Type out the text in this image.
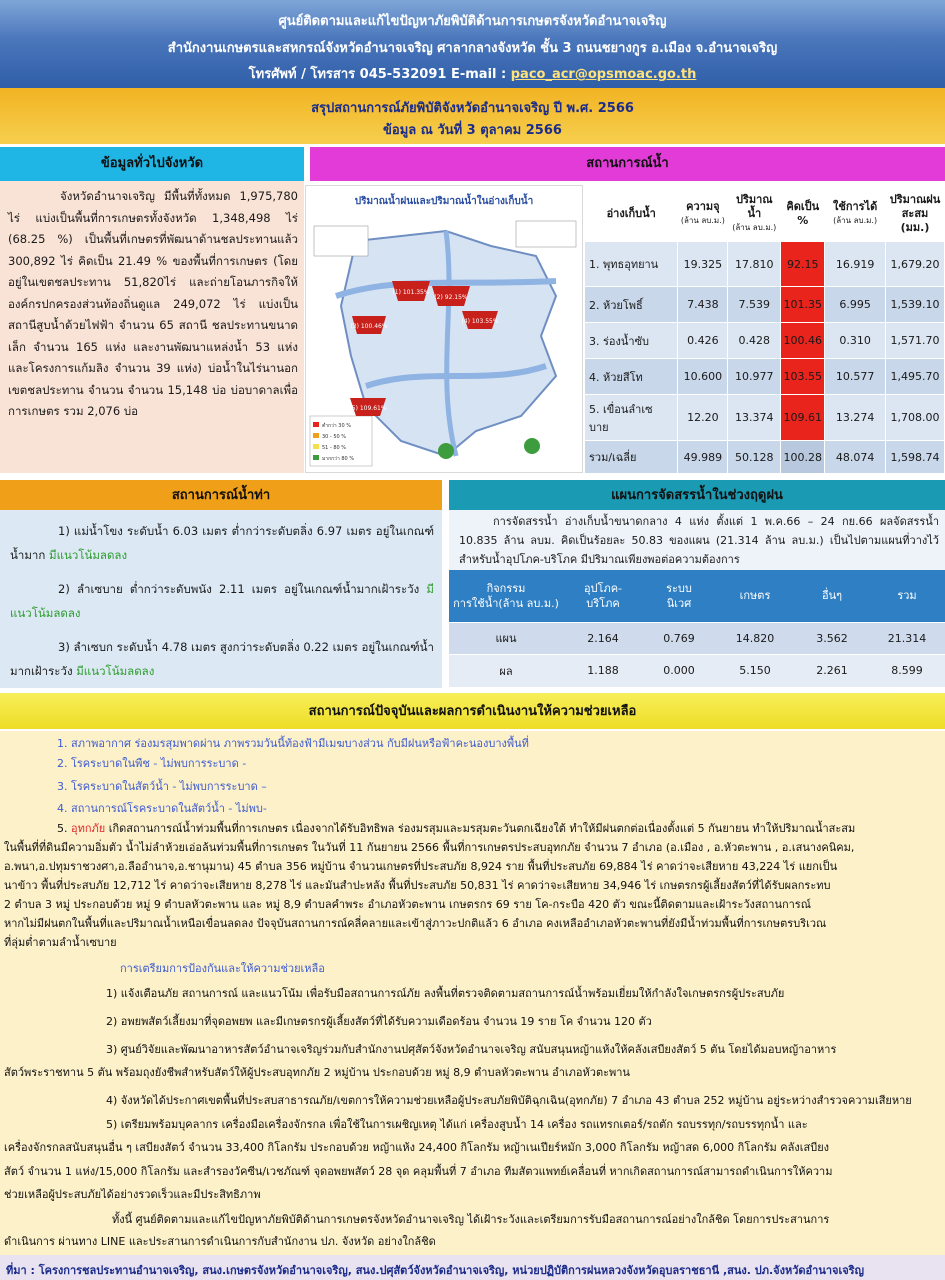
ศูนย์ติดตามและแก้ไขปัญหาภัยพิบัติด้านการเกษตรจังหวัดอำนาจเจริญ
สำนักงานเกษตรและสหกรณ์จังหวัดอำนาจเจริญ ศาลากลางจังหวัด ชั้น 3 ถนนชยางกูร อ.เมือง จ.อำนาจเจริญ
โทรศัพท์ / โทรสาร 045-532091 E-mail : paco_acr@opsmoac.go.th
สรุปสถานการณ์ภัยพิบัติจังหวัดอำนาจเจริญ ปี พ.ศ. 2566
ข้อมูล ณ วันที่ 3 ตุลาคม 2566
ข้อมูลทั่วไปจังหวัด	สถานการณ์น้ำ
จังหวัดอำนาจเจริญ มีพื้นที่ทั้งหมด 1,975,780 ไร่ แบ่งเป็นพื้นที่การเกษตรทั้งจังหวัด 1,348,498 ไร่ (68.25 %) เป็นพื้นที่เกษตรที่พัฒนาด้านชลประทานแล้ว 300,892 ไร่ คิดเป็น 21.49 % ของพื้นที่การเกษตร (โดยอยู่ในเขตชลประทาน 51,820ไร่ และถ่ายโอนภารกิจให้องค์กรปกครองส่วนท้องถิ่นดูแล 249,072 ไร่ แบ่งเป็นสถานีสูบน้ำด้วยไฟฟ้า จำนวน 65 สถานี ชลประทานขนาดเล็ก จำนวน 165 แห่ง และงานพัฒนาแหล่งน้ำ 53 แห่ง และโครงการแก้มลิง จำนวน 39 แห่ง) บ่อน้ำในไร่นานอกเขตชลประทาน จำนวน จำนวน 15,148 บ่อ บ่อบาดาลเพื่อการเกษตร รวม 2,076 บ่อ
ปริมาณน้ำฝนและปริมาณน้ำในอ่างเก็บน้ำ
ต่ำกว่า 30 %
30 - 50 %
51 - 80 %
มากกว่า 80 %
(1) 101.35%
(2) 92.15%
(3) 100.46%
(4) 103.55%
(5) 109.61%
อ่างเก็บน้ำ	ความจุ
(ล้าน ลบ.ม.)	ปริมาณน้ำ
(ล้าน ลบ.ม.)	คิดเป็น
%	ใช้การได้
(ล้าน ลบ.ม.)	ปริมาณฝน
สะสม
(มม.)
1. พุทธอุทยาน	19.325	17.810	92.15	16.919	1,679.20
2. ห้วยโพธิ์	7.438	7.539	101.35	6.995	1,539.10
3. ร่องน้ำซับ	0.426	0.428	100.46	0.310	1,571.70
4. ห้วยสีโท	10.600	10.977	103.55	10.577	1,495.70
5. เขื่อนลำเซ
บาย	12.20	13.374	109.61	13.274	1,708.00
รวม/เฉลี่ย	49.989	50.128	100.28	48.074	1,598.74
สถานการณ์น้ำท่า	แผนการจัดสรรน้ำในช่วงฤดูฝน
1) แม่น้ำโขง ระดับน้ำ 6.03 เมตร ต่ำกว่าระดับตลิ่ง 6.97 เมตร อยู่ในเกณฑ์ น้ำมาก มีแนวโน้มลดลง
2) ลำเซบาย ต่ำกว่าระดับพนัง 2.11 เมตร อยู่ในเกณฑ์น้ำมากเฝ้าระวัง มีแนวโน้มลดลง
3) ลำเซบก ระดับน้ำ 4.78 เมตร สูงกว่าระดับตลิ่ง 0.22 เมตร อยู่ในเกณฑ์น้ำมากเฝ้าระวัง มีแนวโน้มลดลง
การจัดสรรน้ำ อ่างเก็บน้ำขนาดกลาง 4 แห่ง ตั้งแต่ 1 พ.ค.66 – 24 กย.66 ผลจัดสรรน้ำ 10.835 ล้าน ลบม. คิดเป็นร้อยละ 50.83 ของแผน (21.314 ล้าน ลบ.ม.) เป็นไปตามแผนที่วางไว้ สำหรับน้ำอุปโภค-บริโภค มีปริมาณเพียงพอต่อความต้องการ
กิจกรรม
การใช้น้ำ(ล้าน ลบ.ม.)	อุปโภค-
บริโภค	ระบบ
นิเวศ	เกษตร	อื่นๆ	รวม
แผน	2.164	0.769	14.820	3.562	21.314
ผล	1.188	0.000	5.150	2.261	8.599
สถานการณ์ปัจจุบันและผลการดำเนินงานให้ความช่วยเหลือ
1. สภาพอากาศ ร่องมรสุมพาดผ่าน ภาพรวมวันนี้ท้องฟ้ามีเมฆบางส่วน กับมีฝนหรือฟ้าคะนองบางพื้นที่
2. โรคระบาดในพืช - ไม่พบการระบาด -
3. โรคระบาดในสัตว์น้ำ - ไม่พบการระบาด –
4. สถานการณ์โรคระบาดในสัตว์น้ำ - ไม่พบ-
5. อุทกภัย เกิดสถานการณ์น้ำท่วมพื้นที่การเกษตร เนื่องจากได้รับอิทธิพล ร่องมรสุมและมรสุมตะวันตกเฉียงใต้ ทำให้มีฝนตกต่อเนื่องตั้งแต่ 5 กันยายน ทำให้ปริมาณน้ำสะสม
ในพื้นที่ที่ดินมีความอิ่มตัว น้ำไม่ลำห้วยเอ่อล้นท่วมพื้นที่การเกษตร ในวันที่ 11 กันยายน 2566 พื้นที่การเกษตรประสบอุทกภัย จำนวน 7 อำเภอ (อ.เมือง , อ.หัวตะพาน , อ.เสนางคนิคม,
อ.พนา,อ.ปทุมราชวงศา,อ.ลืออำนาจ,อ.ชานุมาน) 45 ตำบล 356 หมู่บ้าน จำนวนเกษตรที่ประสบภัย 8,924 ราย พื้นที่ประสบภัย 69,884 ไร่ คาดว่าจะเสียหาย 43,224 ไร่ แยกเป็น
นาข้าว พื้นที่ประสบภัย 12,712 ไร่ คาดว่าจะเสียหาย 8,278 ไร่ และมันสำปะหลัง พื้นที่ประสบภัย 50,831 ไร่ คาดว่าจะเสียหาย 34,946 ไร่ เกษตรกรผู้เลี้ยงสัตว์ที่ได้รับผลกระทบ
2 ตำบล 3 หมู่ ประกอบด้วย หมู่ 9 ตำบลหัวตะพาน และ หมู่ 8,9 ตำบลคำพระ อำเภอหัวตะพาน เกษตรกร 69 ราย โค-กระบือ 420 ตัว ขณะนี้ติดตามและเฝ้าระวังสถานการณ์
หากไม่มีฝนตกในพื้นที่และปริมาณน้ำเหนือเขื่อนลดลง ปัจจุบันสถานการณ์คลี่คลายและเข้าสู่ภาวะปกติแล้ว 6 อำเภอ คงเหลืออำเภอหัวตะพานที่ยังมีน้ำท่วมพื้นที่การเกษตรบริเวณ
ที่ลุ่มต่ำตามลำน้ำเซบาย
การเตรียมการป้องกันและให้ความช่วยเหลือ
1) แจ้งเตือนภัย สถานการณ์ และแนวโน้ม เพื่อรับมือสถานการณ์ภัย ลงพื้นที่ตรวจติดตามสถานการณ์น้ำพร้อมเยี่ยมให้กำลังใจเกษตรกรผู้ประสบภัย
2) อพยพสัตว์เลี้ยงมาที่จุดอพยพ และมีเกษตรกรผู้เลี้ยงสัตว์ที่ได้รับความเดือดร้อน จำนวน 19 ราย โค จำนวน 120 ตัว
3) ศูนย์วิจัยและพัฒนาอาหารสัตว์อำนาจเจริญร่วมกับสำนักงานปศุสัตว์จังหวัดอำนาจเจริญ สนับสนุนหญ้าแห้งให้คลังเสบียงสัตว์ 5 ตัน โดยได้มอบหญ้าอาหาร
สัตว์พระราชทาน 5 ตัน พร้อมถุงยังชีพสำหรับสัตว์ให้ผู้ประสบอุทกภัย 2 หมู่บ้าน ประกอบด้วย หมู่ 8,9 ตำบลหัวตะพาน อำเภอหัวตะพาน
4) จังหวัดได้ประกาศเขตพื้นที่ประสบสาธารณภัย/เขตการให้ความช่วยเหลือผู้ประสบภัยพิบัติฉุกเฉิน(อุทกภัย) 7 อำเภอ 43 ตำบล 252 หมู่บ้าน อยู่ระหว่างสำรวจความเสียหาย
5) เตรียมพร้อมบุคลากร เครื่องมือเครื่องจักรกล เพื่อใช้ในการเผชิญเหตุ ได้แก่ เครื่องสูบน้ำ 14 เครื่อง รถแทรกเตอร์/รถตัก รถบรรทุก/รถบรรทุกน้ำ และ
เครื่องจักรกลสนับสนุนอื่น ๆ เสบียงสัตว์ จำนวน 33,400 กิโลกรัม ประกอบด้วย หญ้าแห้ง 24,400 กิโลกรัม หญ้าเนเปียร์หมัก 3,000 กิโลกรัม หญ้าสด 6,000 กิโลกรัม คลังเสบียง
สัตว์ จำนวน 1 แห่ง/15,000 กิโลกรัม และสำรองวัคซีน/เวชภัณฑ์ จุดอพยพสัตว์ 28 จุด คลุมพื้นที่ 7 อำเภอ ทีมสัตวแพทย์เคลื่อนที่ หากเกิดสถานการณ์สามารถดำเนินการให้ความ
ช่วยเหลือผู้ประสบภัยได้อย่างรวดเร็วและมีประสิทธิภาพ
ทั้งนี้ ศูนย์ติดตามและแก้ไขปัญหาภัยพิบัติด้านการเกษตรจังหวัดอำนาจเจริญ ได้เฝ้าระวังและเตรียมการรับมือสถานการณ์อย่างใกล้ชิด โดยการประสานการ
ดำเนินการ ผ่านทาง LINE และประสานการดำเนินการกับสำนักงาน ปภ. จังหวัด อย่างใกล้ชิด
ที่มา : โครงการชลประทานอำนาจเจริญ, สนง.เกษตรจังหวัดอำนาจเจริญ, สนง.ปศุสัตว์จังหวัดอำนาจเจริญ, หน่วยปฏิบัติการฝนหลวงจังหวัดอุบลราชธานี ,สนง. ปภ.จังหวัดอำนาจเจริญ
